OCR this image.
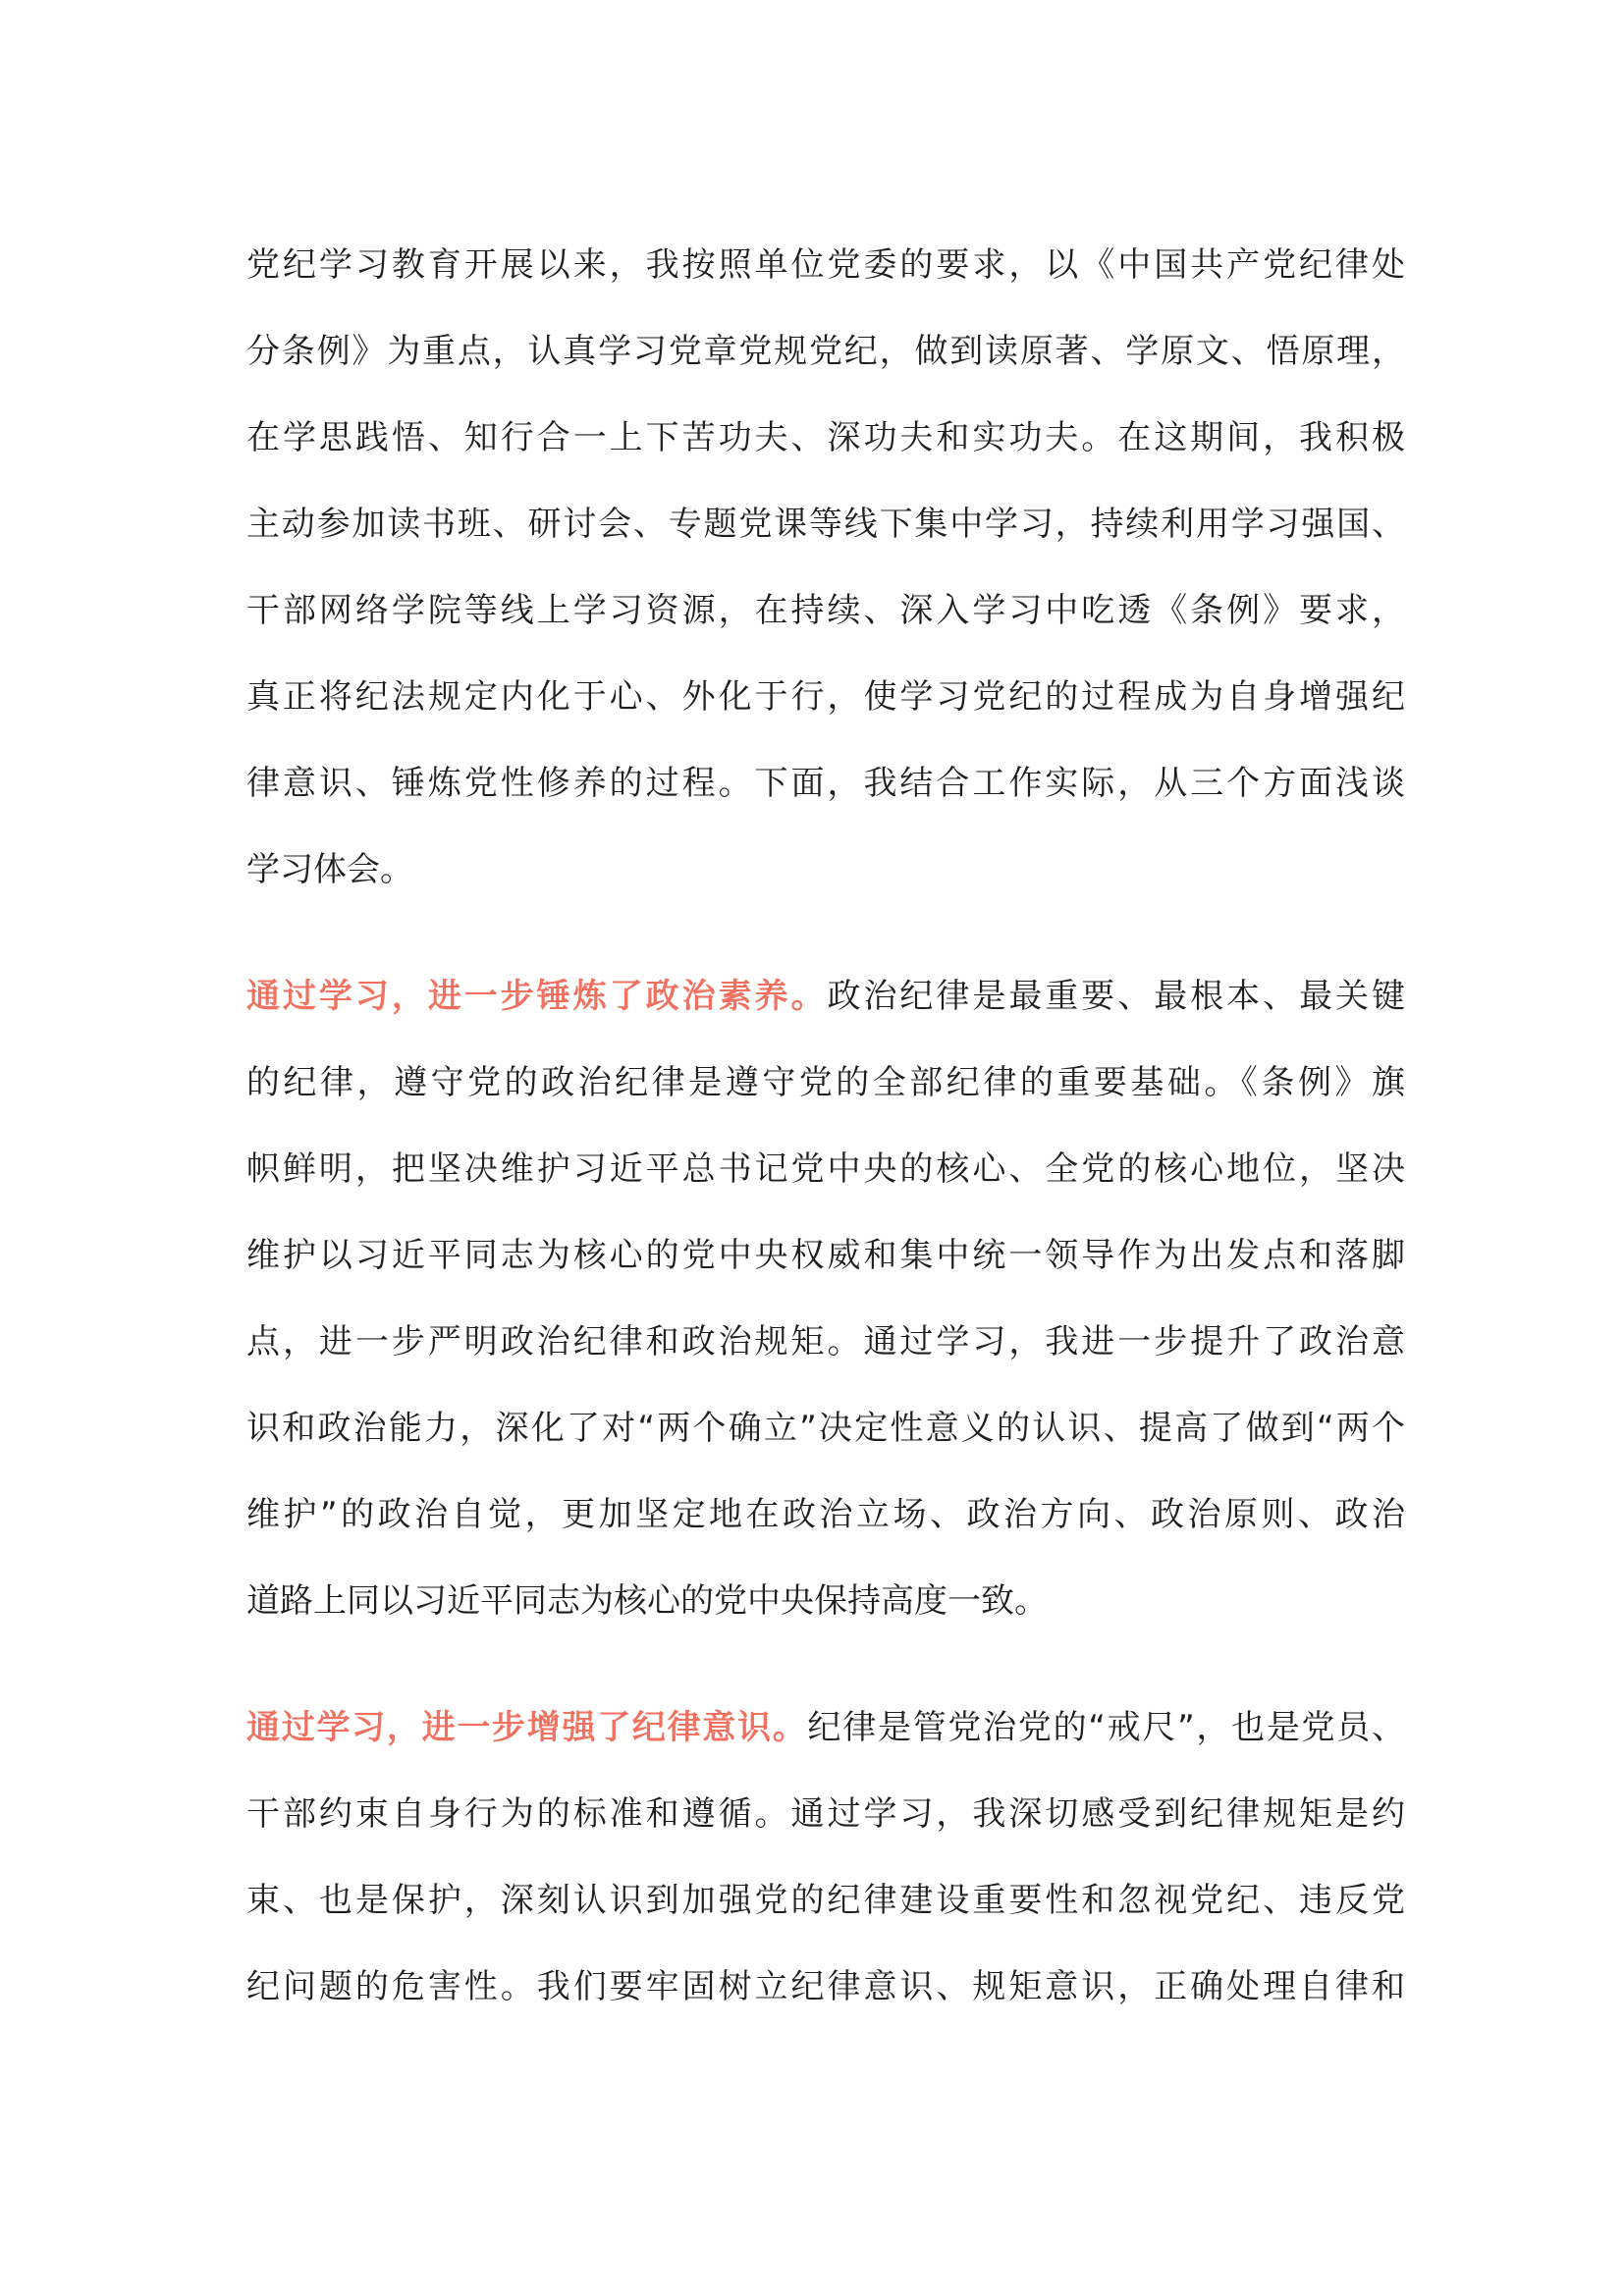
党纪学习教育开展以来，我按照单位党委的要求，以《中国共产党纪律处
分条例》为重点，认真学习党章党规党纪，做到读原著、学原文、悟原理，
在学思践悟、知行合一上下苦功夫、深功夫和实功夫。在这期间，我积极
主动参加读书班、研讨会、专题党课等线下集中学习，持续利用学习强国、
干部网络学院等线上学习资源，在持续、深入学习中吃透《条例》要求，
真正将纪法规定内化于心、外化于行，使学习党纪的过程成为自身增强纪
律意识、锤炼党性修养的过程。下面，我结合工作实际，从三个方面浅谈
学习体会。
通过学习，进一步锤炼了政治素养。政治纪律是最重要、最根本、最关键
的纪律，遵守党的政治纪律是遵守党的全部纪律的重要基础。《条例》旗
帜鲜明，把坚决维护习近平总书记党中央的核心、全党的核心地位，坚决
维护以习近平同志为核心的党中央权威和集中统一领导作为出发点和落脚
点，进一步严明政治纪律和政治规矩。通过学习，我进一步提升了政治意
识和政治能力，深化了对“两个确立”决定性意义的认识、提高了做到“两个
维护”的政治自觉，更加坚定地在政治立场、政治方向、政治原则、政治
道路上同以习近平同志为核心的党中央保持高度一致。
通过学习，进一步增强了纪律意识。纪律是管党治党的“戒尺”，也是党员、
干部约束自身行为的标准和遵循。通过学习，我深切感受到纪律规矩是约
束、也是保护，深刻认识到加强党的纪律建设重要性和忽视党纪、违反党
纪问题的危害性。我们要牢固树立纪律意识、规矩意识，正确处理自律和
